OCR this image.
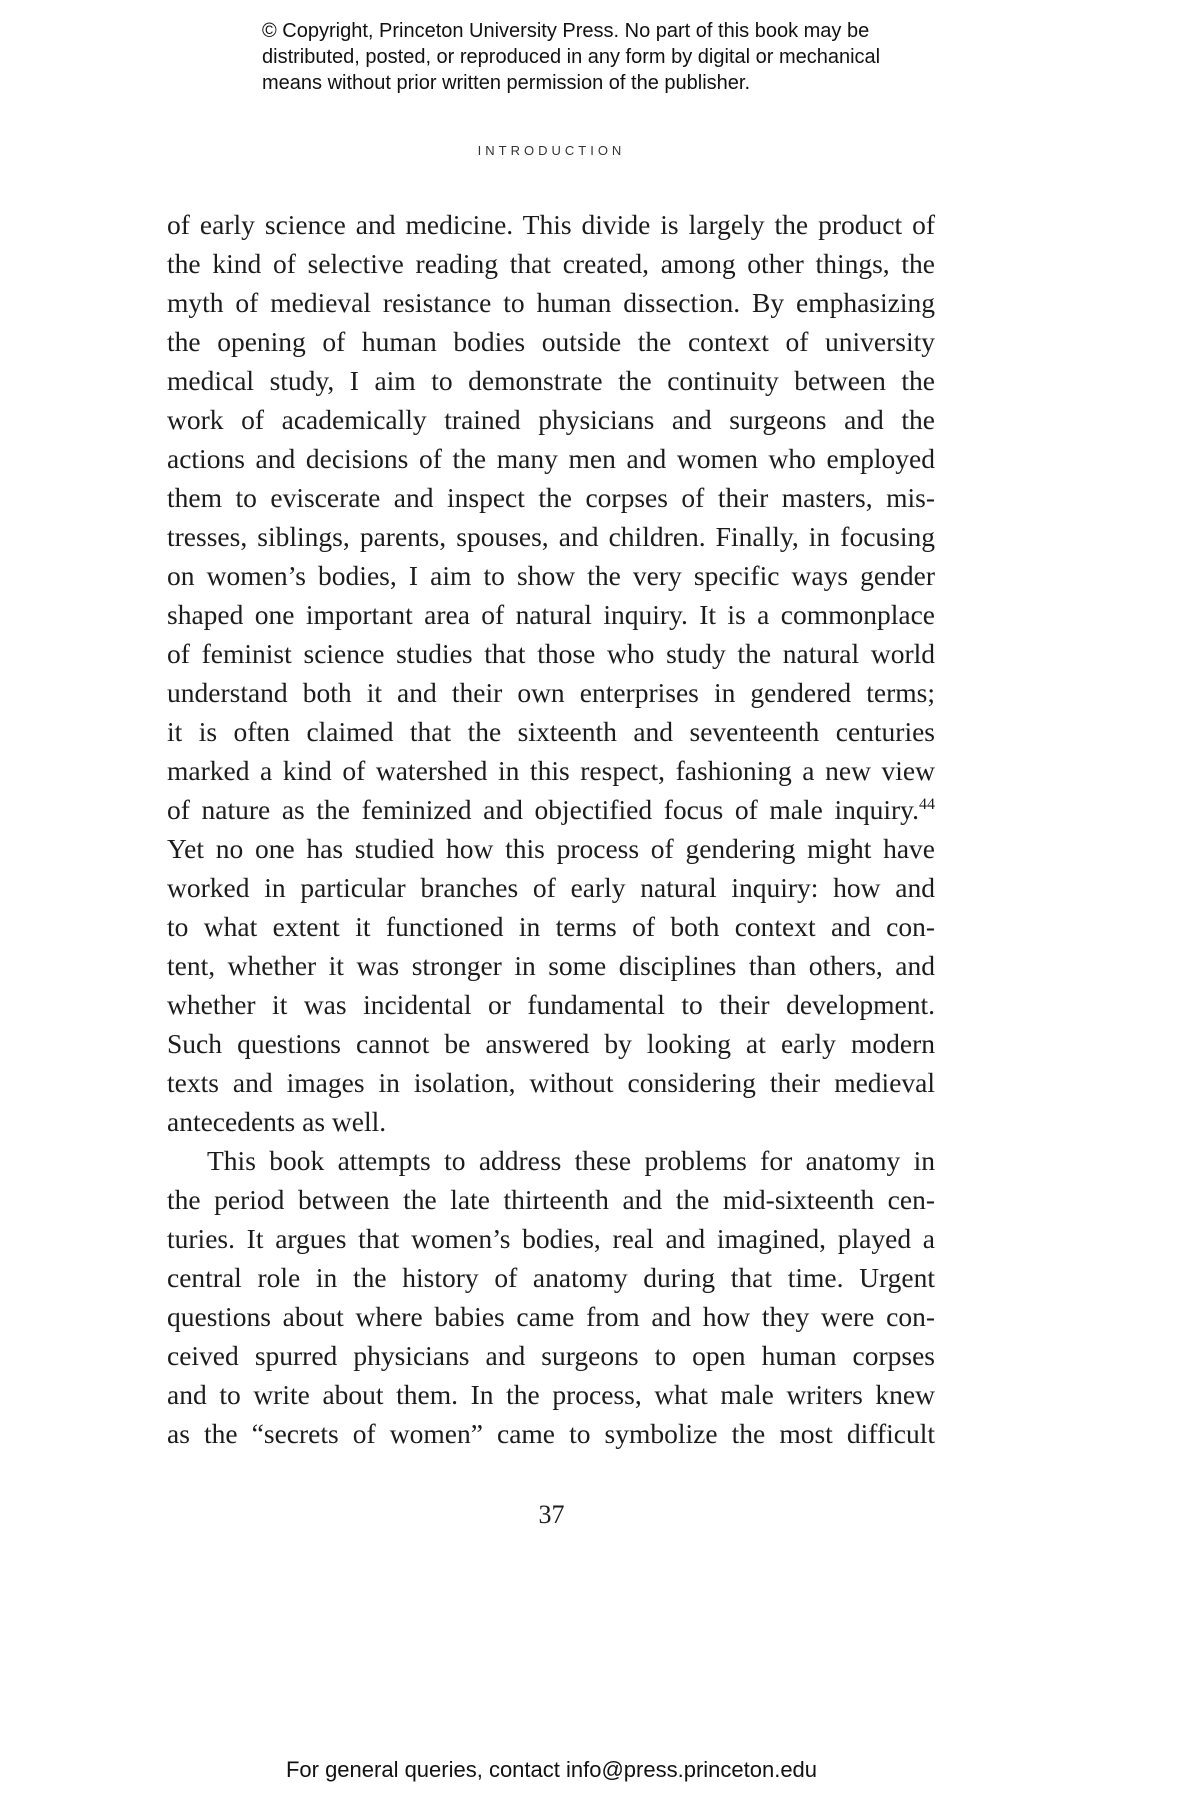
© Copyright, Princeton University Press. No part of this book may be
distributed, posted, or reproduced in any form by digital or mechanical
means without prior written permission of the publisher.
INTRODUCTION
of early science and medicine. This divide is largely the product of
the kind of selective reading that created, among other things, the
myth of medieval resistance to human dissection. By emphasizing
the opening of human bodies outside the context of university
medical study, I aim to demonstrate the continuity between the
work of academically trained physicians and surgeons and the
actions and decisions of the many men and women who employed
them to eviscerate and inspect the corpses of their masters, mis-
tresses, siblings, parents, spouses, and children. Finally, in focusing
on women’s bodies, I aim to show the very specific ways gender
shaped one important area of natural inquiry. It is a commonplace
of feminist science studies that those who study the natural world
understand both it and their own enterprises in gendered terms;
it is often claimed that the sixteenth and seventeenth centuries
marked a kind of watershed in this respect, fashioning a new view
of nature as the feminized and objectified focus of male inquiry.$^{44}$
Yet no one has studied how this process of gendering might have
worked in particular branches of early natural inquiry: how and
to what extent it functioned in terms of both context and con-
tent, whether it was stronger in some disciplines than others, and
whether it was incidental or fundamental to their development.
Such questions cannot be answered by looking at early modern
texts and images in isolation, without considering their medieval
antecedents as well.
This book attempts to address these problems for anatomy in
the period between the late thirteenth and the mid-sixteenth cen-
turies. It argues that women’s bodies, real and imagined, played a
central role in the history of anatomy during that time. Urgent
questions about where babies came from and how they were con-
ceived spurred physicians and surgeons to open human corpses
and to write about them. In the process, what male writers knew
as the “secrets of women” came to symbolize the most difficult
37
For general queries, contact info@press.princeton.edu
